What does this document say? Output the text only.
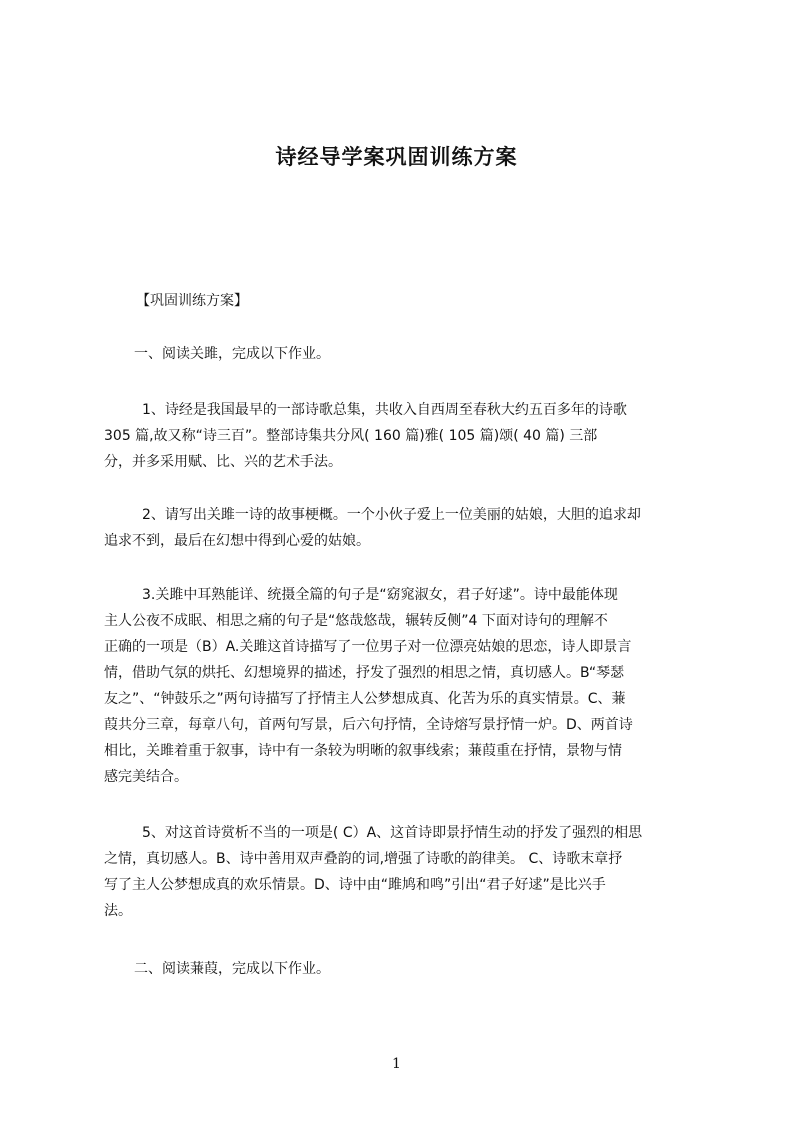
诗经导学案巩固训练方案

【巩固训练方案】

一、阅读关雎，完成以下作业。

1、诗经是我国最早的一部诗歌总集，共收入自西周至春秋大约五百多年的诗歌
305 篇,故又称“诗三百”。整部诗集共分风( 160 篇)雅( 105 篇)颂( 40 篇) 三部
分，并多采用赋、比、兴的艺术手法。

2、请写出关雎一诗的故事梗概。一个小伙子爱上一位美丽的姑娘，大胆的追求却
追求不到，最后在幻想中得到心爱的姑娘。

3.关雎中耳熟能详、统摄全篇的句子是“窈窕淑女，君子好逑”。诗中最能体现
主人公夜不成眠、相思之痛的句子是“悠哉悠哉，辗转反侧”4 下面对诗句的理解不
正确的一项是（B）A.关雎这首诗描写了一位男子对一位漂亮姑娘的思恋，诗人即景言
情，借助气氛的烘托、幻想境界的描述，抒发了强烈的相思之情，真切感人。B“琴瑟
友之”、“钟鼓乐之”两句诗描写了抒情主人公梦想成真、化苦为乐的真实情景。C、蒹
葭共分三章，每章八句，首两句写景，后六句抒情，全诗熔写景抒情一炉。D、两首诗
相比，关雎着重于叙事，诗中有一条较为明晰的叙事线索；蒹葭重在抒情，景物与情
感完美结合。

5、对这首诗赏析不当的一项是( C）A、这首诗即景抒情生动的抒发了强烈的相思
之情，真切感人。B、诗中善用双声叠韵的词,增强了诗歌的韵律美。 C、诗歌末章抒
写了主人公梦想成真的欢乐情景。D、诗中由“雎鸠和鸣”引出“君子好逑”是比兴手
法。

二、阅读蒹葭，完成以下作业。

1
